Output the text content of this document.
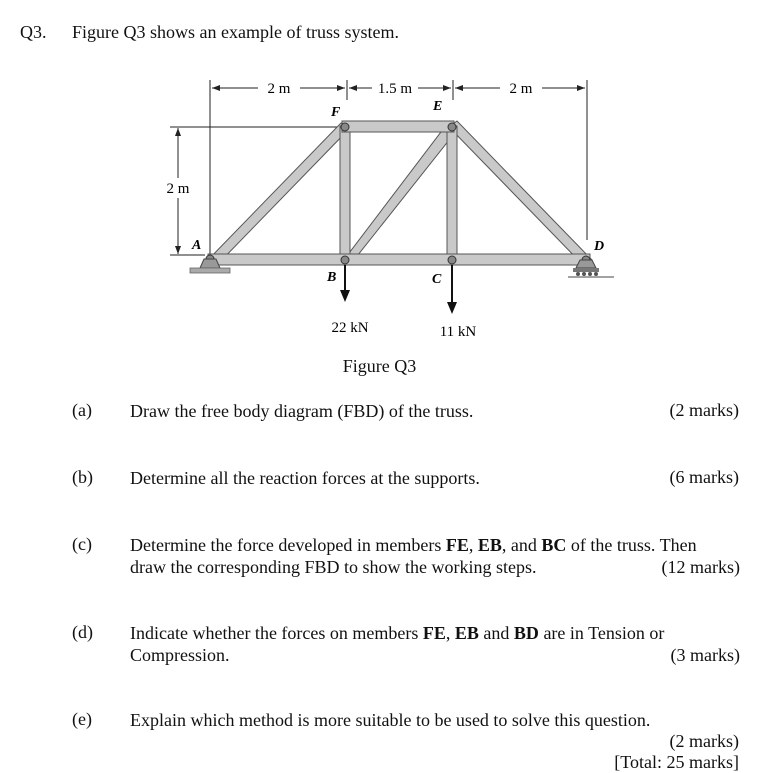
Q3. Figure Q3 shows an example of truss system.
2 m	1.5 m	2 m
2 m
22 kN	11 kN
A
B	C
D
E
F
Figure Q3
(a) Draw the free body diagram (FBD) of the truss.	(2 marks)
(b) Determine all the reaction forces at the supports.	(6 marks)
(c) Determine the force developed in members FE, EB, and BC of the truss. Then
draw the corresponding FBD to show the working steps.	(12 marks)
(d) Indicate whether the forces on members FE, EB and BD are in Tension or
Compression.	(3 marks)
(e) Explain which method is more suitable to be used to solve this question.
(2 marks)
[Total: 25 marks]
